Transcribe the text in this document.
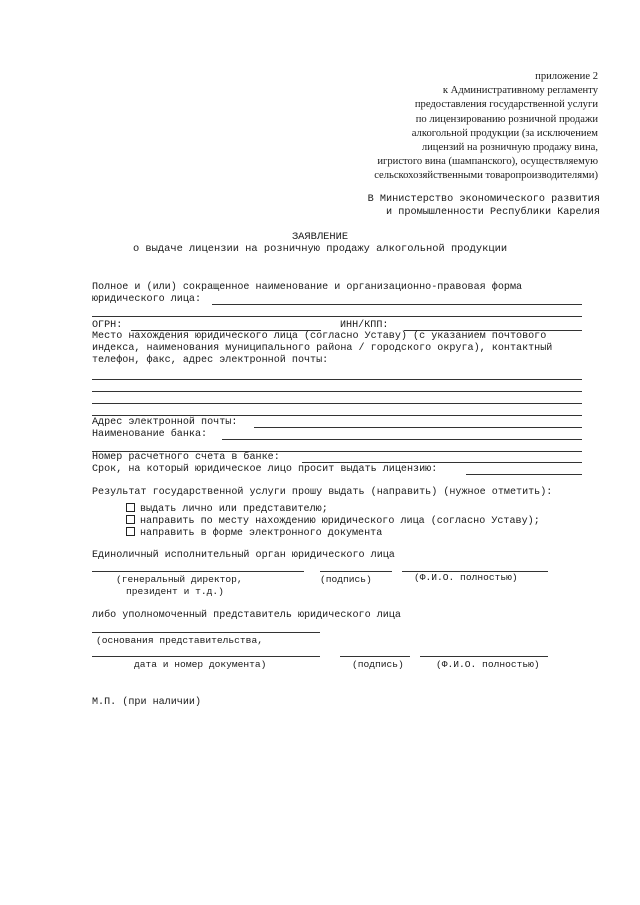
приложение 2
к Административному регламенту
предоставления государственной услуги
по лицензированию розничной продажи
алкогольной продукции (за исключением
лицензий на розничную продажу вина,
игристого вина (шампанского), осуществляемую
сельскохозяйственными товаропроизводителями)
В Министерство экономического развития
и промышленности Республики Карелия
ЗАЯВЛЕНИЕ
о выдаче лицензии на розничную продажу алкогольной продукции
Полное и (или) сокращенное наименование и организационно-правовая форма
юридического лица:
ОГРН:	ИНН/КПП:
Место нахождения юридического лица (согласно Уставу) (с указанием почтового
индекса, наименования муниципального района / городского округа), контактный
телефон, факс, адрес электронной почты:
Адрес электронной почты:
Наименование банка:
Номер расчетного счета в банке:
Срок, на который юридическое лицо просит выдать лицензию:
Результат государственной услуги прошу выдать (направить) (нужное отметить):
выдать лично или представителю;
направить по месту нахождению юридического лица (согласно Уставу);
направить в форме электронного документа
Единоличный исполнительный орган юридического лица
(генеральный директор,
президент и т.д.)
(подпись)	(Ф.И.О. полностью)
либо уполномоченный представитель юридического лица
(основания представительства,
дата и номер документа)	(подпись)	(Ф.И.О. полностью)
М.П. (при наличии)
